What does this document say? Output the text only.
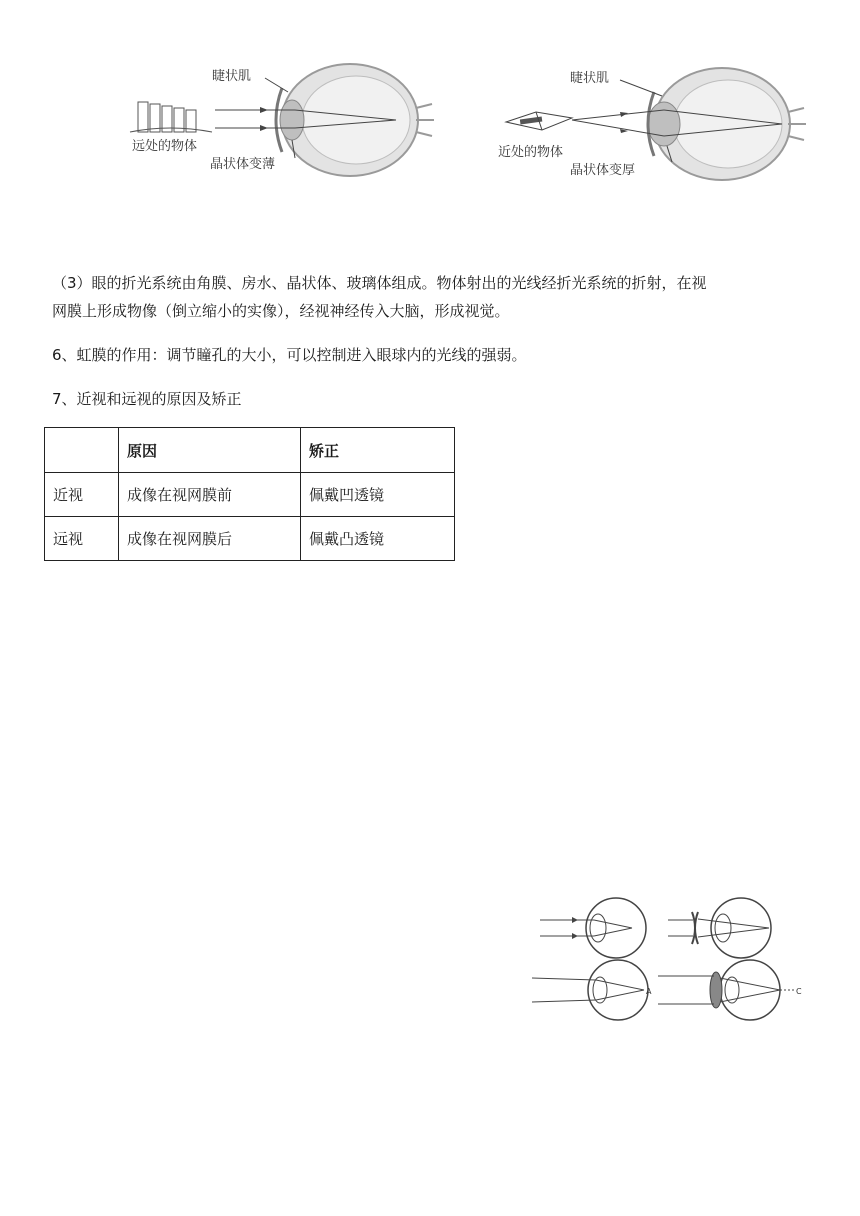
睫状肌
远处的物体
晶状体变薄
睫状肌
近处的物体
晶状体变厚
（3）眼的折光系统由角膜、房水、晶状体、玻璃体组成。物体射出的光线经折光系统的折射，在视
网膜上形成物像（倒立缩小的实像），经视神经传入大脑，形成视觉。
6、虹膜的作用：调节瞳孔的大小，可以控制进入眼球内的光线的强弱。
7、近视和远视的原因及矫正
	原因	矫正
近视	成像在视网膜前	佩戴凹透镜
远视	成像在视网膜后	佩戴凸透镜
A	C
